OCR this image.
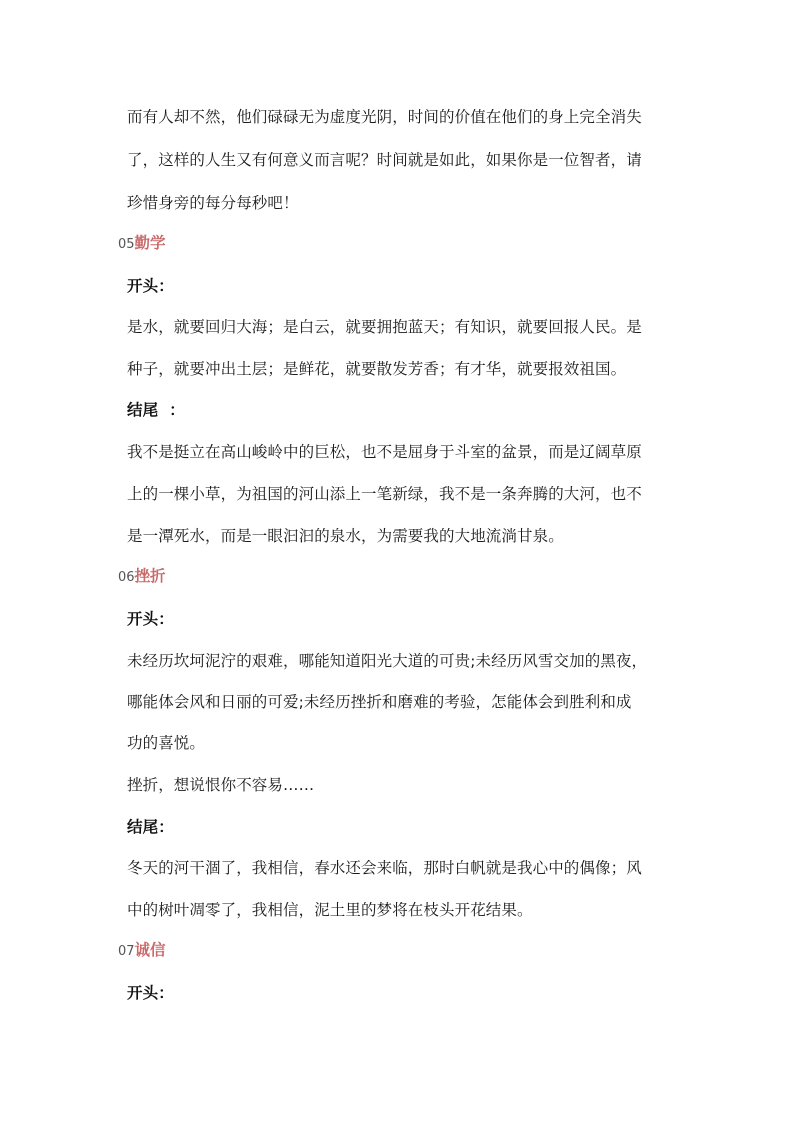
而有人却不然，他们碌碌无为虚度光阴，时间的价值在他们的身上完全消失
了，这样的人生又有何意义而言呢？时间就是如此，如果你是一位智者，请
珍惜身旁的每分每秒吧！
05勤学
开头：
是水，就要回归大海；是白云，就要拥抱蓝天；有知识，就要回报人民。是
种子，就要冲出土层；是鲜花，就要散发芳香；有才华，就要报效祖国。
结尾  ：
我不是挺立在高山峻岭中的巨松，也不是屈身于斗室的盆景，而是辽阔草原
上的一棵小草，为祖国的河山添上一笔新绿，我不是一条奔腾的大河，也不
是一潭死水，而是一眼汩汩的泉水，为需要我的大地流淌甘泉。
06挫折
开头：
未经历坎坷泥泞的艰难，哪能知道阳光大道的可贵;未经历风雪交加的黑夜，
哪能体会风和日丽的可爱;未经历挫折和磨难的考验，怎能体会到胜利和成
功的喜悦。
挫折，想说恨你不容易……
结尾：
冬天的河干涸了，我相信，春水还会来临，那时白帆就是我心中的偶像；风
中的树叶凋零了，我相信，泥土里的梦将在枝头开花结果。
07诚信
开头：
